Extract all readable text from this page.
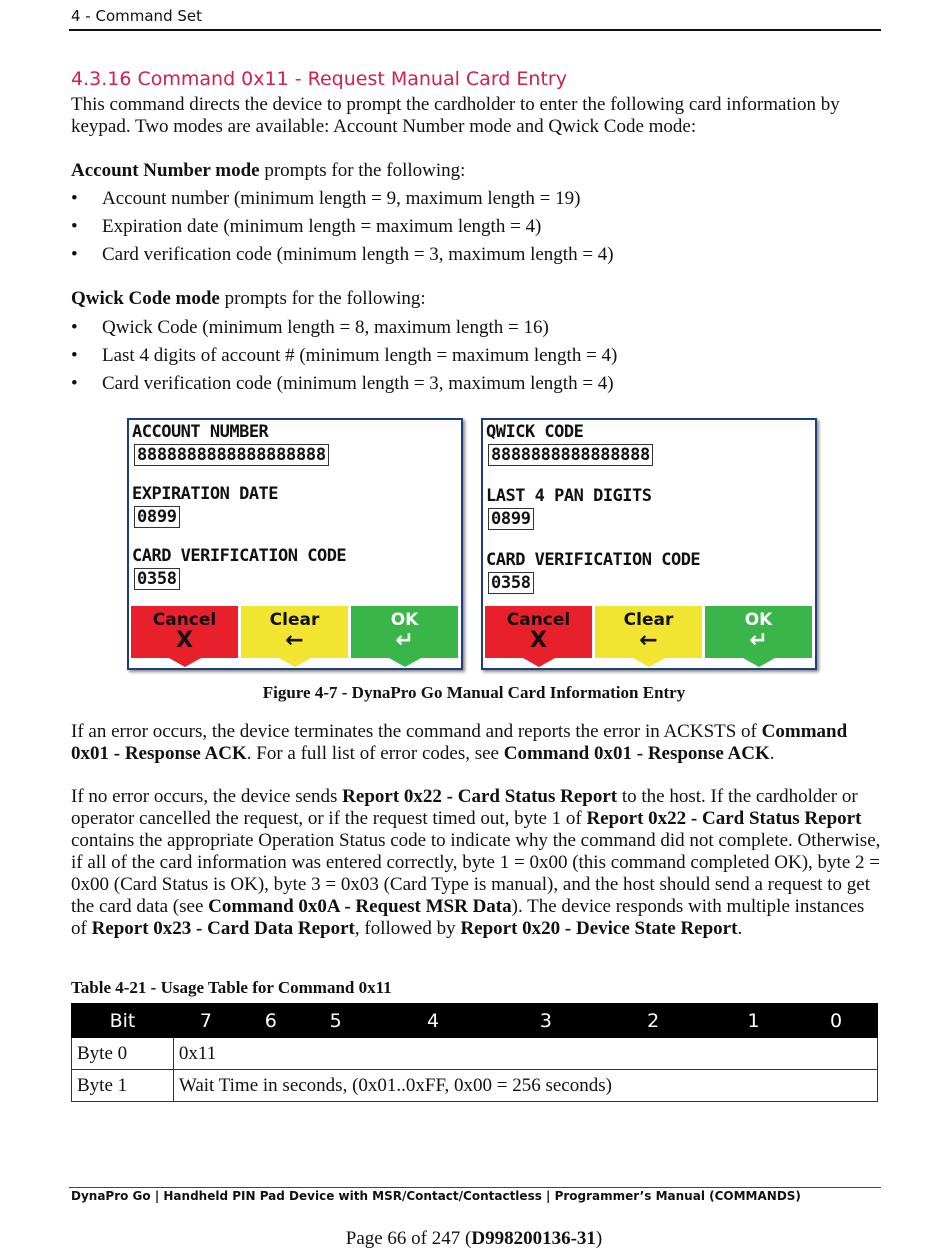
4 - Command Set
4.3.16 Command 0x11 - Request Manual Card Entry
This command directs the device to prompt the cardholder to enter the following card information by keypad. Two modes are available: Account Number mode and Qwick Code mode:
Account Number mode prompts for the following:
• Account number (minimum length = 9, maximum length = 19)
• Expiration date (minimum length = maximum length = 4)
• Card verification code (minimum length = 3, maximum length = 4)
Qwick Code mode prompts for the following:
• Qwick Code (minimum length = 8, maximum length = 16)
• Last 4 digits of account # (minimum length = maximum length = 4)
• Card verification code (minimum length = 3, maximum length = 4)
ACCOUNT NUMBER
8888888888888888888
EXPIRATION DATE
0899
CARD VERIFICATION CODE
0358
Cancel
X
Clear
←
OK
↵
QWICK CODE
8888888888888888
LAST 4 PAN DIGITS
0899
CARD VERIFICATION CODE
0358
Cancel
X
Clear
←
OK
↵
Figure 4-7 - DynaPro Go Manual Card Information Entry
If an error occurs, the device terminates the command and reports the error in ACKSTS of Command 0x01 - Response ACK. For a full list of error codes, see Command 0x01 - Response ACK.
If no error occurs, the device sends Report 0x22 - Card Status Report to the host. If the cardholder or operator cancelled the request, or if the request timed out, byte 1 of Report 0x22 - Card Status Report contains the appropriate Operation Status code to indicate why the command did not complete. Otherwise, if all of the card information was entered correctly, byte 1 = 0x00 (this command completed OK), byte 2 = 0x00 (Card Status is OK), byte 3 = 0x03 (Card Type is manual), and the host should send a request to get the card data (see Command 0x0A - Request MSR Data). The device responds with multiple instances of Report 0x23 - Card Data Report, followed by Report 0x20 - Device State Report.
Table 4-21 - Usage Table for Command 0x11
Bit	7	6	5	4	3	2	1	0
Byte 0	0x11							
Byte 1	Wait Time in seconds, (0x01..0xFF, 0x00 = 256 seconds)							
DynaPro Go | Handheld PIN Pad Device with MSR/Contact/Contactless | Programmer’s Manual (COMMANDS)
Page 66 of 247 (D998200136-31)
